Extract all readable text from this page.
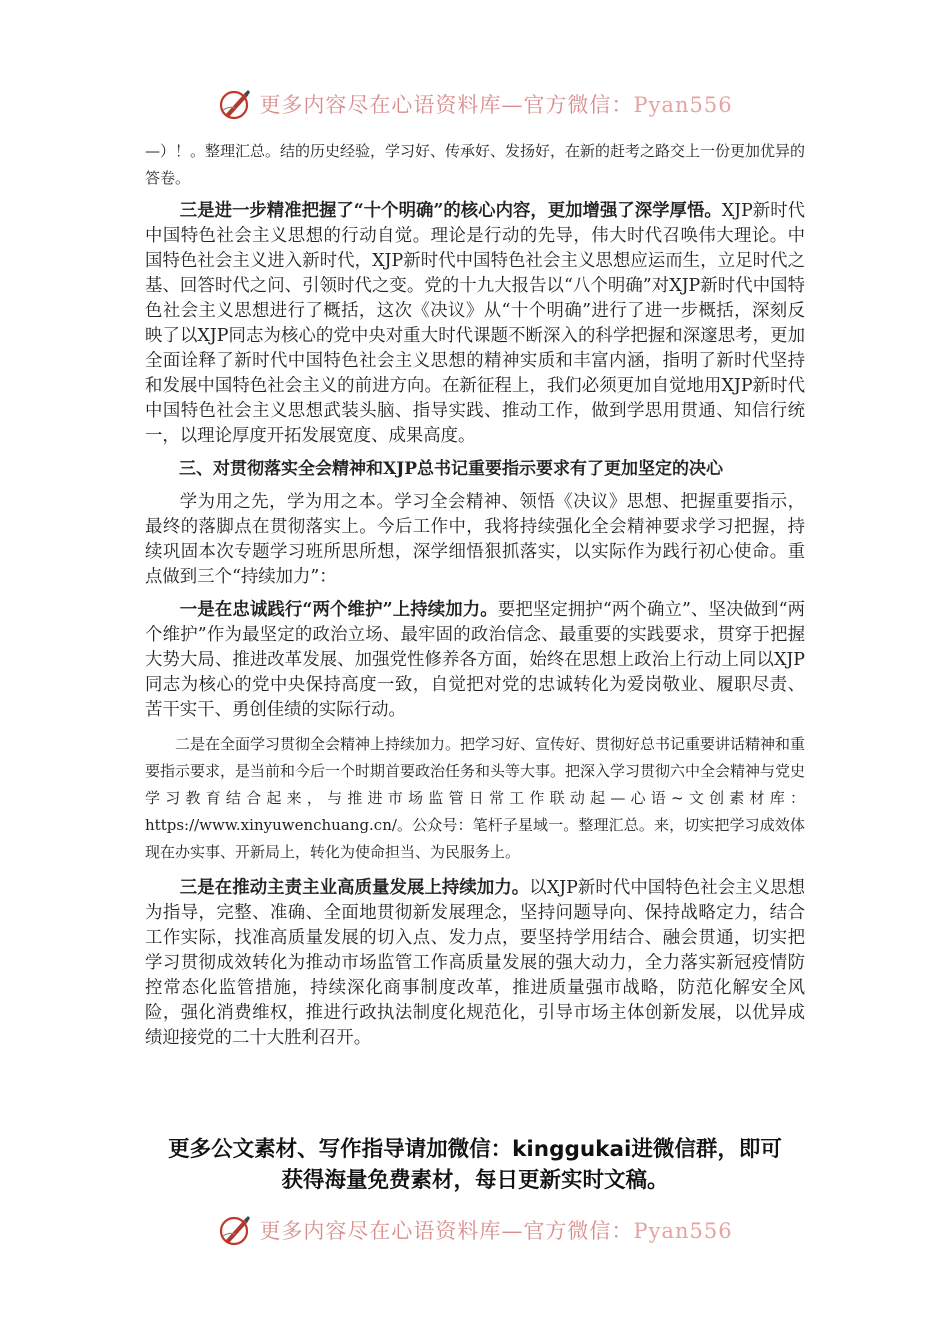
更多内容尽在心语资料库—官方微信：Pyan556

—）！。整理汇总。结的历史经验，学习好、传承好、发扬好，在新的赶考之路交上一份更加优异的答卷。

三是进一步精准把握了“十个明确”的核心内容，更加增强了深学厚悟。XJP新时代中国特色社会主义思想的行动自觉。理论是行动的先导，伟大时代召唤伟大理论。中国特色社会主义进入新时代，XJP新时代中国特色社会主义思想应运而生，立足时代之基、回答时代之问、引领时代之变。党的十九大报告以“八个明确”对XJP新时代中国特色社会主义思想进行了概括，这次《决议》从“十个明确”进行了进一步概括，深刻反映了以XJP同志为核心的党中央对重大时代课题不断深入的科学把握和深邃思考，更加全面诠释了新时代中国特色社会主义思想的精神实质和丰富内涵，指明了新时代坚持和发展中国特色社会主义的前进方向。在新征程上，我们必须更加自觉地用XJP新时代中国特色社会主义思想武装头脑、指导实践、推动工作，做到学思用贯通、知信行统一，以理论厚度开拓发展宽度、成果高度。

三、对贯彻落实全会精神和XJP总书记重要指示要求有了更加坚定的决心

学为用之先，学为用之本。学习全会精神、领悟《决议》思想、把握重要指示，最终的落脚点在贯彻落实上。今后工作中，我将持续强化全会精神要求学习把握，持续巩固本次专题学习班所思所想，深学细悟狠抓落实，以实际作为践行初心使命。重点做到三个“持续加力”：

一是在忠诚践行“两个维护”上持续加力。要把坚定拥护“两个确立”、坚决做到“两个维护”作为最坚定的政治立场、最牢固的政治信念、最重要的实践要求，贯穿于把握大势大局、推进改革发展、加强党性修养各方面，始终在思想上政治上行动上同以XJP同志为核心的党中央保持高度一致，自觉把对党的忠诚转化为爱岗敬业、履职尽责、苦干实干、勇创佳绩的实际行动。

二是在全面学习贯彻全会精神上持续加力。把学习好、宣传好、贯彻好总书记重要讲话精神和重要指示要求，是当前和今后一个时期首要政治任务和头等大事。把深入学习贯彻六中全会精神与党史学习教育结合起来，与推进市场监管日常工作联动起—心语~文创素材库：https://www.xinyuwenchuang.cn/。公众号：笔杆子星域一。整理汇总。来，切实把学习成效体现在办实事、开新局上，转化为使命担当、为民服务上。

三是在推动主责主业高质量发展上持续加力。以XJP新时代中国特色社会主义思想为指导，完整、准确、全面地贯彻新发展理念，坚持问题导向、保持战略定力，结合工作实际，找准高质量发展的切入点、发力点，要坚持学用结合、融会贯通，切实把学习贯彻成效转化为推动市场监管工作高质量发展的强大动力，全力落实新冠疫情防控常态化监管措施，持续深化商事制度改革，推进质量强市战略，防范化解安全风险，强化消费维权，推进行政执法制度化规范化，引导市场主体创新发展，以优异成绩迎接党的二十大胜利召开。

更多公文素材、写作指导请加微信：kinggukai进微信群，即可
获得海量免费素材，每日更新实时文稿。
更多内容尽在心语资料库—官方微信：Pyan556
